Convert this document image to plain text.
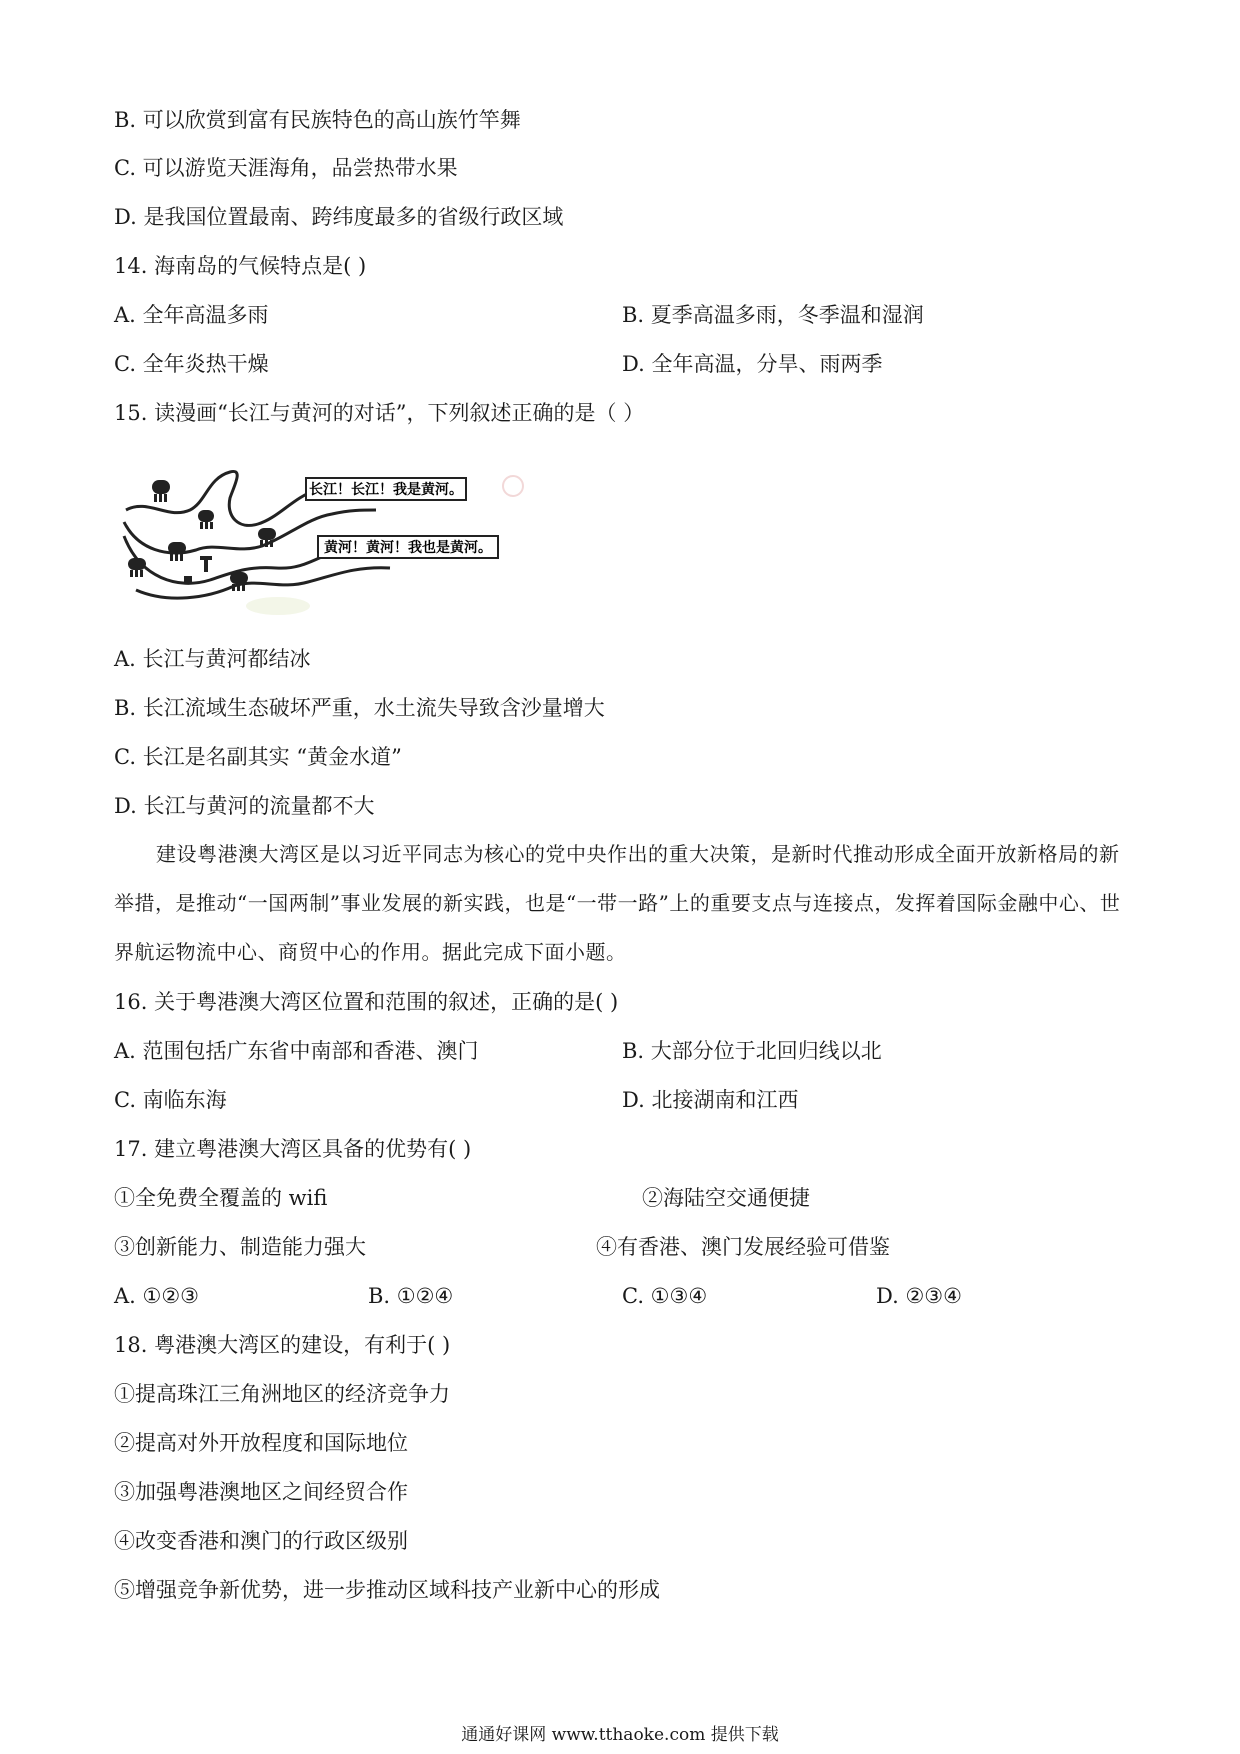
B. 可以欣赏到富有民族特色的高山族竹竿舞
C. 可以游览天涯海角，品尝热带水果
D. 是我国位置最南、跨纬度最多的省级行政区域
14. 海南岛的气候特点是( )
A. 全年高温多雨	B. 夏季高温多雨，冬季温和湿润
C. 全年炎热干燥	D. 全年高温，分旱、雨两季
15. 读漫画“长江与黄河的对话”，下列叙述正确的是（ ）
长江！长江！我是黄河。
黄河！黄河！我也是黄河。
A. 长江与黄河都结冰
B. 长江流域生态破坏严重，水土流失导致含沙量增大
C. 长江是名副其实 “黄金水道”
D. 长江与黄河的流量都不大
建设粤港澳大湾区是以习近平同志为核心的党中央作出的重大决策，是新时代推动形成全面开放新格局的新举措，是推动“一国两制”事业发展的新实践，也是“一带一路”上的重要支点与连接点，发挥着国际金融中心、世界航运物流中心、商贸中心的作用。据此完成下面小题。
16. 关于粤港澳大湾区位置和范围的叙述，正确的是( )
A. 范围包括广东省中南部和香港、澳门	B. 大部分位于北回归线以北
C. 南临东海	D. 北接湖南和江西
17. 建立粤港澳大湾区具备的优势有( )
①全免费全覆盖的 wifi	②海陆空交通便捷
③创新能力、制造能力强大	④有香港、澳门发展经验可借鉴
A. ①②③	B. ①②④	C. ①③④	D. ②③④
18. 粤港澳大湾区的建设，有利于( )
①提高珠江三角洲地区的经济竞争力
②提高对外开放程度和国际地位
③加强粤港澳地区之间经贸合作
④改变香港和澳门的行政区级别
⑤增强竞争新优势，进一步推动区域科技产业新中心的形成
通通好课网 www.tthaoke.com 提供下载
